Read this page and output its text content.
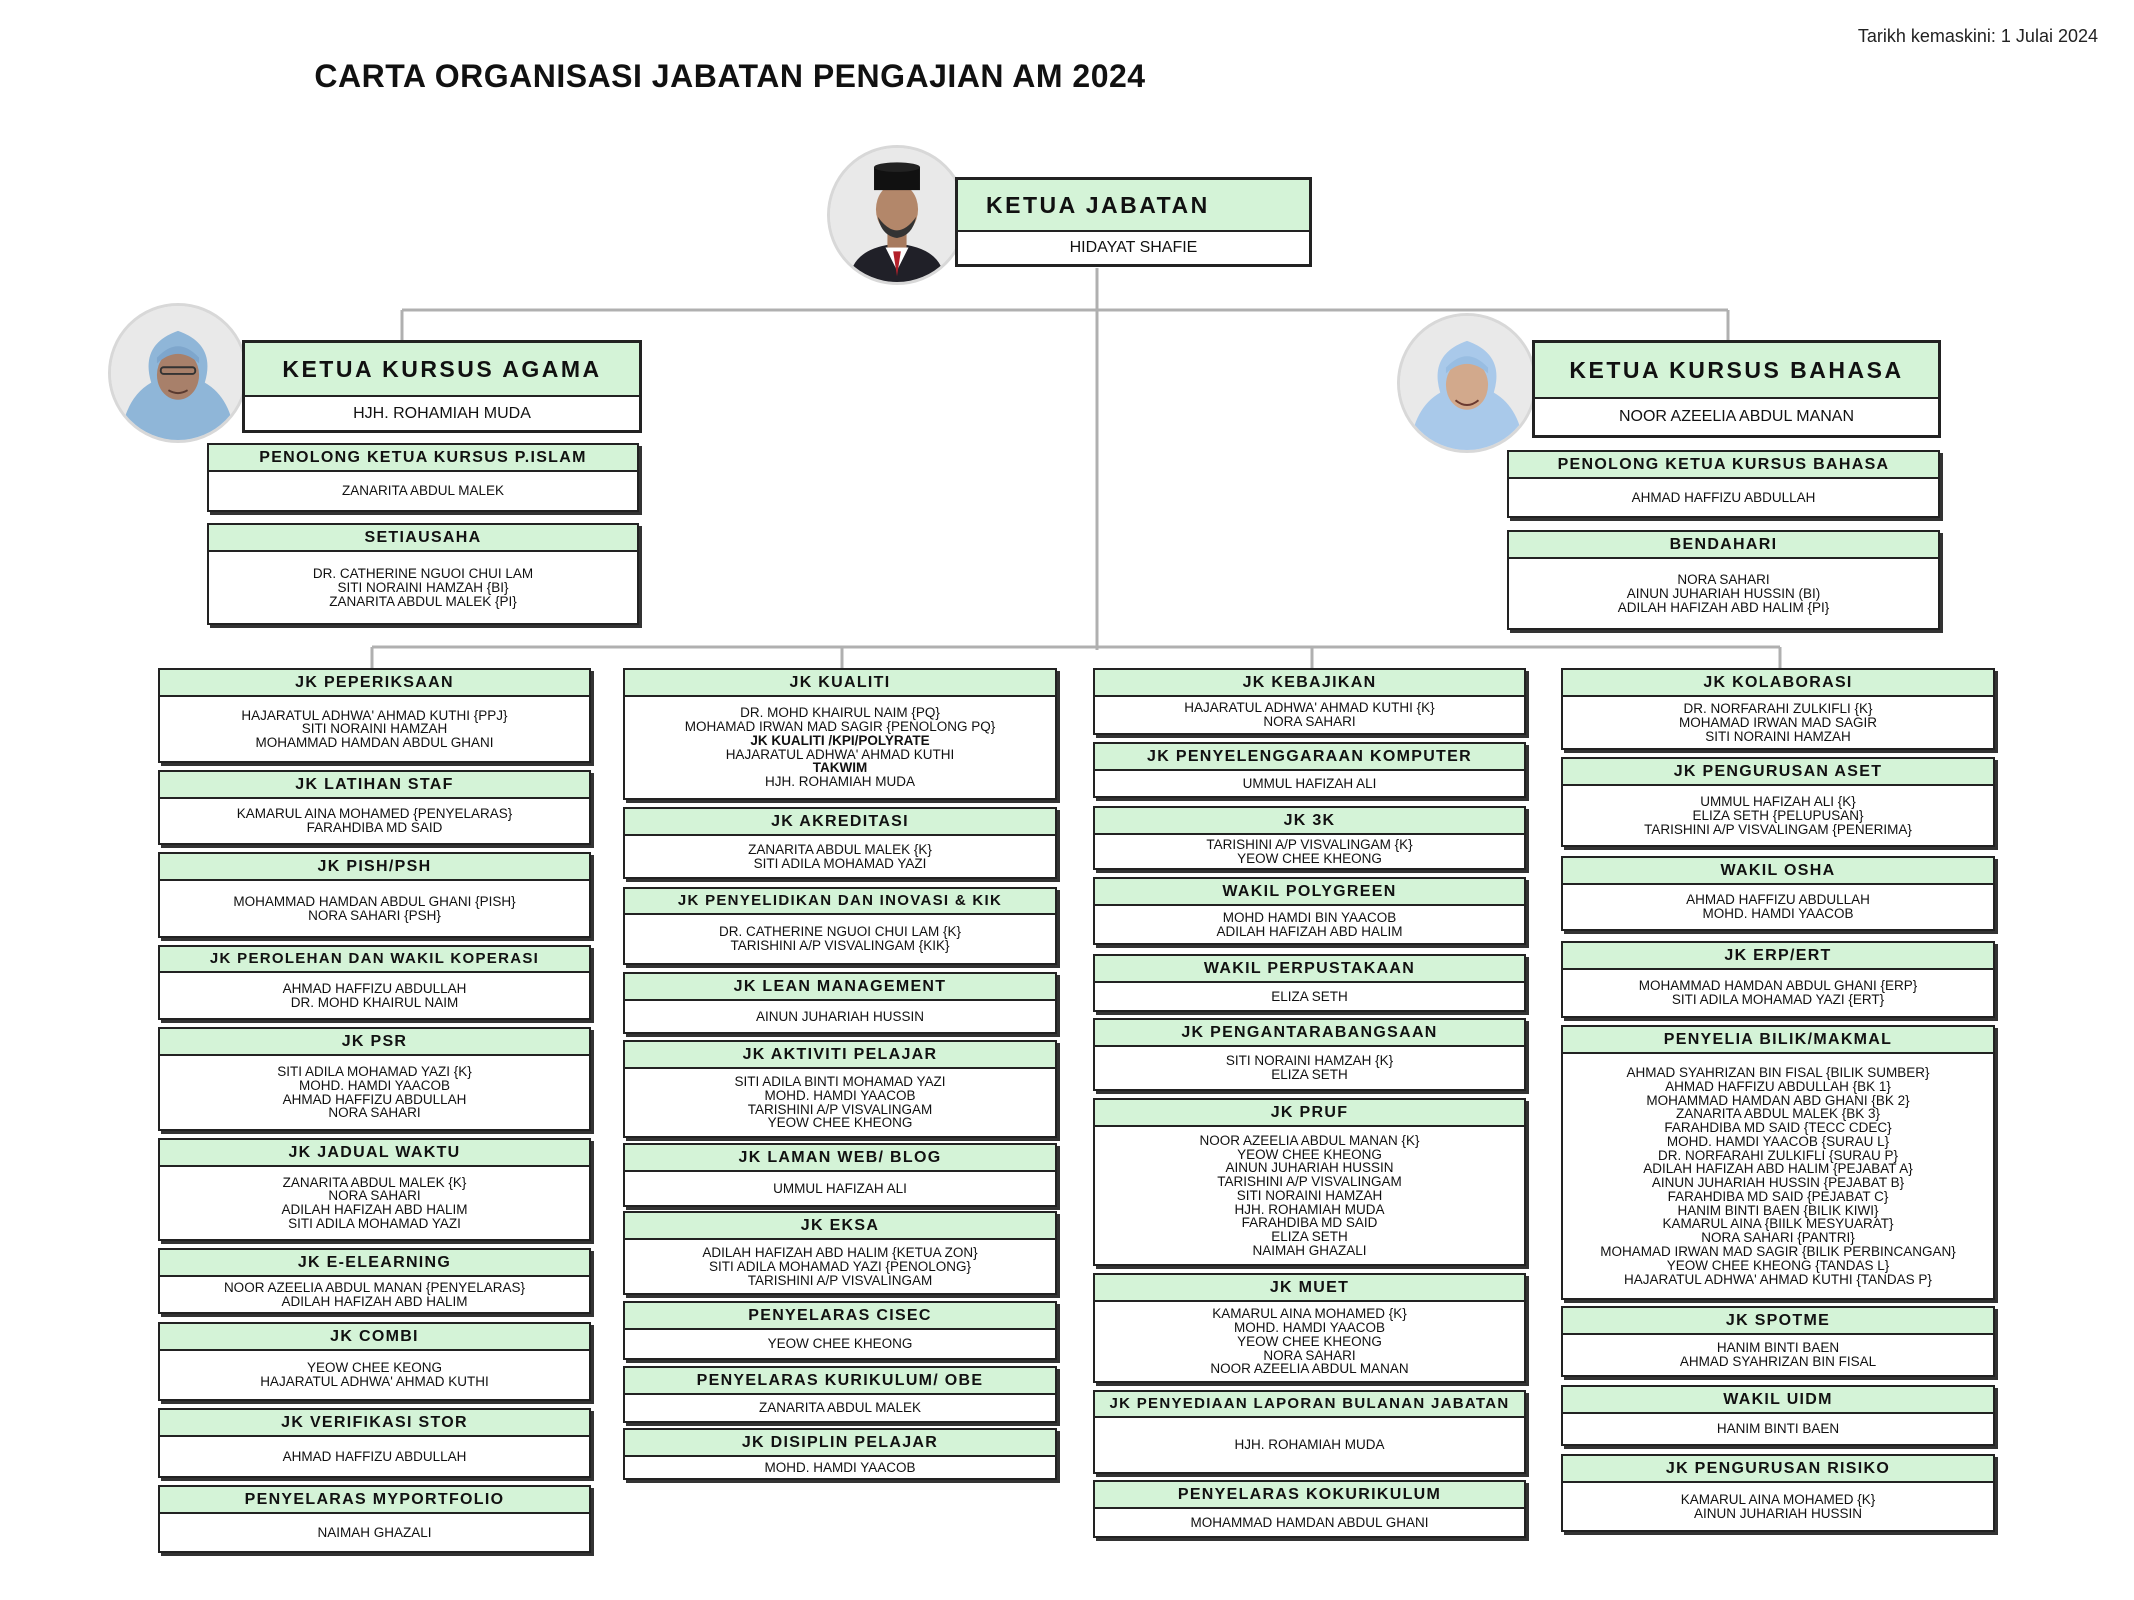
Tarikh kemaskini: 1 Julai 2024
CARTA ORGANISASI JABATAN PENGAJIAN AM 2024
KETUA JABATAN
HIDAYAT SHAFIE
KETUA KURSUS AGAMA
HJH. ROHAMIAH MUDA
KETUA KURSUS BAHASA
NOOR AZEELIA ABDUL MANAN
PENOLONG KETUA KURSUS P.ISLAM
ZANARITA ABDUL MALEK
SETIAUSAHA
DR. CATHERINE NGUOI CHUI LAM
SITI NORAINI HAMZAH {BI}
ZANARITA ABDUL MALEK {PI}
PENOLONG KETUA KURSUS BAHASA
AHMAD HAFFIZU ABDULLAH
BENDAHARI
NORA SAHARI
AINUN JUHARIAH HUSSIN (BI)
ADILAH HAFIZAH ABD HALIM {PI}
JK PEPERIKSAAN
HAJARATUL ADHWA' AHMAD KUTHI {PPJ}
SITI NORAINI HAMZAH
MOHAMMAD HAMDAN ABDUL GHANI
JK LATIHAN STAF
KAMARUL AINA MOHAMED {PENYELARAS}
FARAHDIBA MD SAID
JK PISH/PSH
MOHAMMAD HAMDAN ABDUL GHANI {PISH}
NORA SAHARI {PSH}
JK PEROLEHAN DAN WAKIL KOPERASI
AHMAD HAFFIZU ABDULLAH
DR. MOHD KHAIRUL NAIM
JK PSR
SITI ADILA MOHAMAD YAZI {K}
MOHD. HAMDI YAACOB
AHMAD HAFFIZU ABDULLAH
NORA SAHARI
JK JADUAL WAKTU
ZANARITA ABDUL MALEK {K}
NORA SAHARI
ADILAH HAFIZAH ABD HALIM
SITI ADILA MOHAMAD YAZI
JK E-ELEARNING
NOOR AZEELIA ABDUL MANAN {PENYELARAS}
ADILAH HAFIZAH ABD HALIM
JK COMBI
YEOW CHEE KEONG
HAJARATUL ADHWA' AHMAD KUTHI
JK VERIFIKASI STOR
AHMAD HAFFIZU ABDULLAH
PENYELARAS MYPORTFOLIO
NAIMAH GHAZALI
JK KUALITI
DR. MOHD KHAIRUL NAIM {PQ}
MOHAMAD IRWAN MAD SAGIR {PENOLONG PQ}
JK KUALITI /KPI/POLYRATE
HAJARATUL ADHWA' AHMAD KUTHI
TAKWIM
HJH. ROHAMIAH MUDA
JK AKREDITASI
ZANARITA ABDUL MALEK {K}
SITI ADILA MOHAMAD YAZI
JK PENYELIDIKAN DAN INOVASI & KIK
DR. CATHERINE NGUOI CHUI LAM {K}
TARISHINI A/P VISVALINGAM {KIK}
JK LEAN MANAGEMENT
AINUN JUHARIAH HUSSIN
JK AKTIVITI PELAJAR
SITI ADILA BINTI MOHAMAD YAZI
MOHD. HAMDI YAACOB
TARISHINI A/P VISVALINGAM
YEOW CHEE KHEONG
JK LAMAN WEB/ BLOG
UMMUL HAFIZAH ALI
JK EKSA
ADILAH HAFIZAH ABD HALIM {KETUA ZON}
SITI ADILA MOHAMAD YAZI {PENOLONG}
TARISHINI A/P VISVALINGAM
PENYELARAS CISEC
YEOW CHEE KHEONG
PENYELARAS KURIKULUM/ OBE
ZANARITA ABDUL MALEK
JK DISIPLIN PELAJAR
MOHD. HAMDI YAACOB
JK KEBAJIKAN
HAJARATUL ADHWA' AHMAD KUTHI {K}
NORA SAHARI
JK PENYELENGGARAAN KOMPUTER
UMMUL HAFIZAH ALI
JK 3K
TARISHINI A/P VISVALINGAM {K}
YEOW CHEE KHEONG
WAKIL POLYGREEN
MOHD HAMDI BIN YAACOB
ADILAH HAFIZAH ABD HALIM
WAKIL PERPUSTAKAAN
ELIZA SETH
JK PENGANTARABANGSAAN
SITI NORAINI HAMZAH {K}
ELIZA SETH
JK PRUF
NOOR AZEELIA ABDUL MANAN {K}
YEOW CHEE KHEONG
AINUN JUHARIAH HUSSIN
TARISHINI A/P VISVALINGAM
SITI NORAINI HAMZAH
HJH. ROHAMIAH MUDA
FARAHDIBA MD SAID
ELIZA SETH
NAIMAH GHAZALI
JK MUET
KAMARUL AINA MOHAMED {K}
MOHD. HAMDI YAACOB
YEOW CHEE KHEONG
NORA SAHARI
NOOR AZEELIA ABDUL MANAN
JK PENYEDIAAN LAPORAN BULANAN JABATAN
HJH. ROHAMIAH MUDA
PENYELARAS KOKURIKULUM
MOHAMMAD HAMDAN ABDUL GHANI
JK KOLABORASI
DR. NORFARAHI ZULKIFLI {K}
MOHAMAD IRWAN MAD SAGIR
SITI NORAINI HAMZAH
JK PENGURUSAN ASET
UMMUL HAFIZAH ALI {K}
ELIZA SETH {PELUPUSAN}
TARISHINI A/P VISVALINGAM {PENERIMA}
WAKIL OSHA
AHMAD HAFFIZU ABDULLAH
MOHD. HAMDI YAACOB
JK ERP/ERT
MOHAMMAD HAMDAN ABDUL GHANI {ERP}
SITI ADILA MOHAMAD YAZI {ERT}
PENYELIA BILIK/MAKMAL
AHMAD SYAHRIZAN BIN FISAL {BILIK SUMBER}
AHMAD HAFFIZU ABDULLAH {BK 1}
MOHAMMAD HAMDAN ABD GHANI {BK 2}
ZANARITA ABDUL MALEK {BK 3}
FARAHDIBA MD SAID {TECC CDEC}
MOHD. HAMDI YAACOB {SURAU L}
DR. NORFARAHI ZULKIFLI {SURAU P}
ADILAH HAFIZAH ABD HALIM {PEJABAT A}
AINUN JUHARIAH HUSSIN {PEJABAT B}
FARAHDIBA MD SAID {PEJABAT C}
HANIM BINTI BAEN {BILIK KIWI}
KAMARUL AINA {BIILK MESYUARAT}
NORA SAHARI {PANTRI}
MOHAMAD IRWAN MAD SAGIR {BILIK PERBINCANGAN}
YEOW CHEE KHEONG {TANDAS L}
HAJARATUL ADHWA' AHMAD KUTHI {TANDAS P}
JK SPOTME
HANIM BINTI BAEN
AHMAD SYAHRIZAN BIN FISAL
WAKIL UIDM
HANIM BINTI BAEN
JK PENGURUSAN RISIKO
KAMARUL AINA MOHAMED {K}
AINUN JUHARIAH HUSSIN
